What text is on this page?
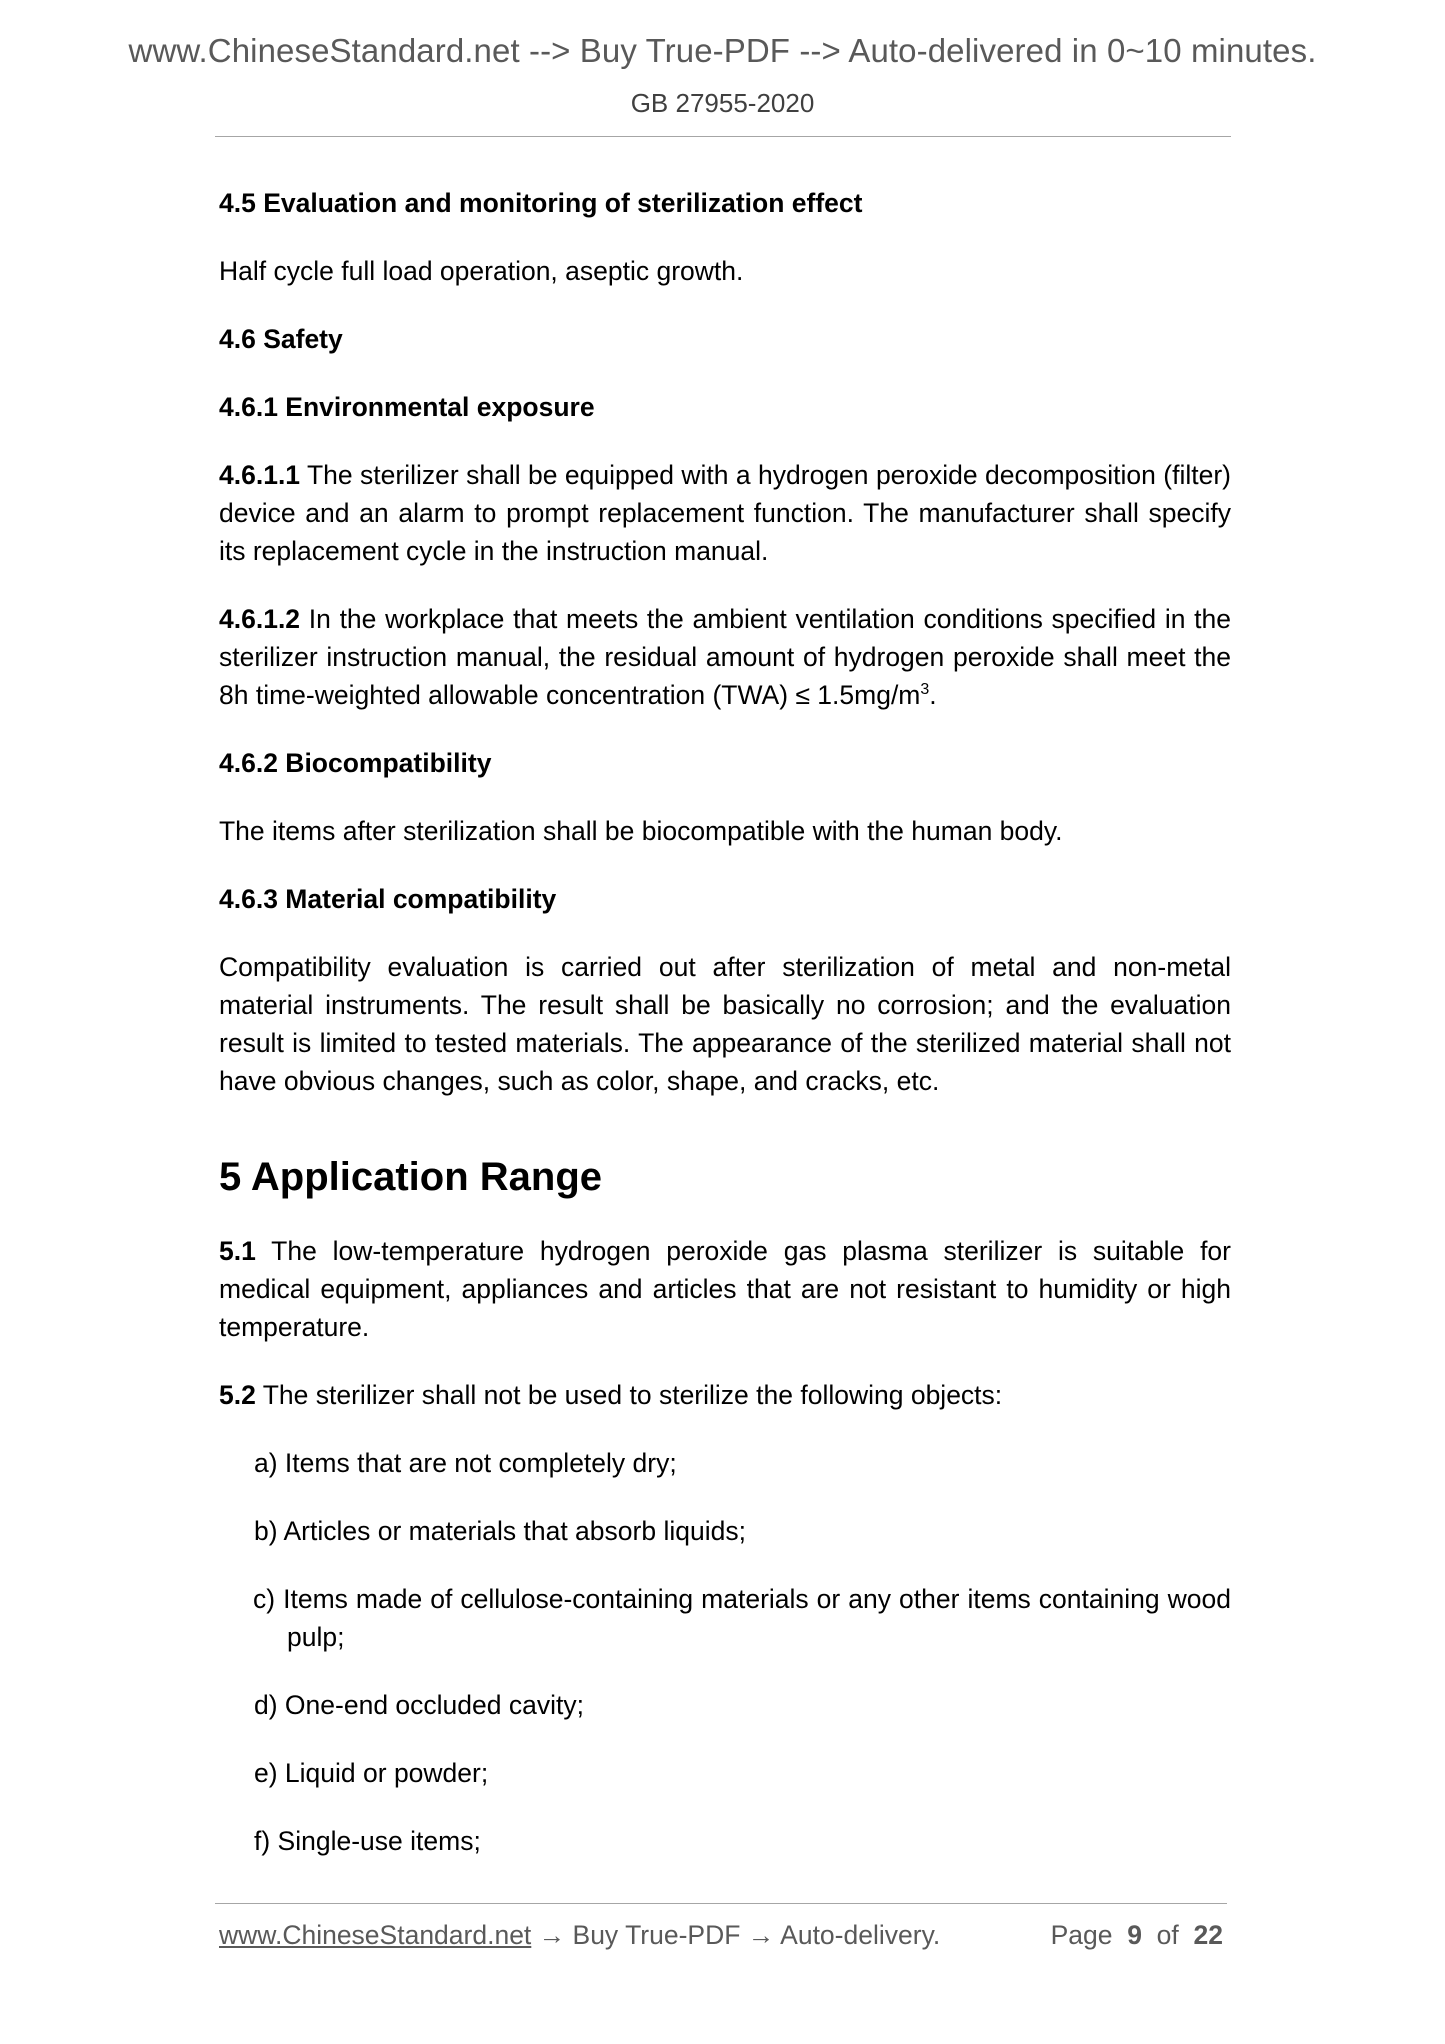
www.ChineseStandard.net --> Buy True-PDF --> Auto-delivered in 0~10 minutes.
GB 27955-2020

4.5 Evaluation and monitoring of sterilization effect

Half cycle full load operation, aseptic growth.

4.6 Safety

4.6.1 Environmental exposure

4.6.1.1 The sterilizer shall be equipped with a hydrogen peroxide decomposition (filter) device and an alarm to prompt replacement function. The manufacturer shall specify its replacement cycle in the instruction manual.

4.6.1.2 In the workplace that meets the ambient ventilation conditions specified in the sterilizer instruction manual, the residual amount of hydrogen peroxide shall meet the 8h time-weighted allowable concentration $(TWA) \le 1.5mg/m^3$.

4.6.2 Biocompatibility

The items after sterilization shall be biocompatible with the human body.

4.6.3 Material compatibility

Compatibility evaluation is carried out after sterilization of metal and non-metal material instruments. The result shall be basically no corrosion; and the evaluation result is limited to tested materials. The appearance of the sterilized material shall not have obvious changes, such as color, shape, and cracks, etc.

5 Application Range

5.1 The low-temperature hydrogen peroxide gas plasma sterilizer is suitable for medical equipment, appliances and articles that are not resistant to humidity or high temperature.

5.2 The sterilizer shall not be used to sterilize the following objects:

a) Items that are not completely dry;

b) Articles or materials that absorb liquids;

c) Items made of cellulose-containing materials or any other items containing wood pulp;

d) One-end occluded cavity;

e) Liquid or powder;

f) Single-use items;

www.ChineseStandard.net → Buy True-PDF → Auto-delivery.	Page 9 of 22
